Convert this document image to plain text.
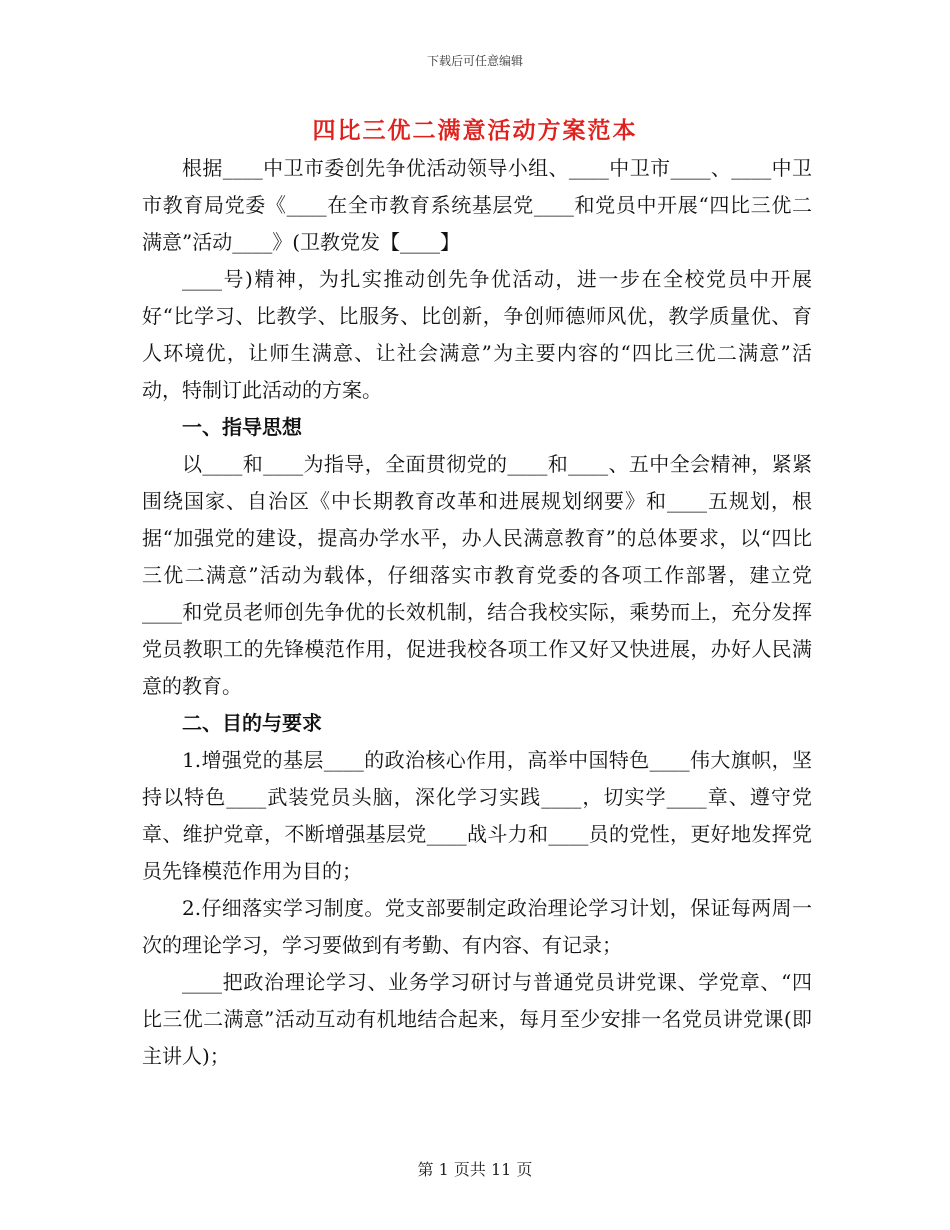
下载后可任意编辑
四比三优二满意活动方案范本

根据____中卫市委创先争优活动领导小组、____中卫市____、____中卫市教育局党委《____在全市教育系统基层党____和党员中开展“四比三优二满意”活动____》(卫教党发【____】

____号)精神，为扎实推动创先争优活动，进一步在全校党员中开展好“比学习、比教学、比服务、比创新，争创师德师风优，教学质量优、育人环境优，让师生满意、让社会满意”为主要内容的“四比三优二满意”活动，特制订此活动的方案。

一、指导思想

以____和____为指导，全面贯彻党的____和____、五中全会精神，紧紧围绕国家、自治区《中长期教育改革和进展规划纲要》和____五规划，根据“加强党的建设，提高办学水平，办人民满意教育”的总体要求，以“四比三优二满意”活动为载体，仔细落实市教育党委的各项工作部署，建立党____和党员老师创先争优的长效机制，结合我校实际，乘势而上，充分发挥党员教职工的先锋模范作用，促进我校各项工作又好又快进展，办好人民满意的教育。

二、目的与要求

1.增强党的基层____的政治核心作用，高举中国特色____伟大旗帜，坚持以特色____武装党员头脑，深化学习实践____，切实学____章、遵守党章、维护党章，不断增强基层党____战斗力和____员的党性，更好地发挥党员先锋模范作用为目的；

2.仔细落实学习制度。党支部要制定政治理论学习计划，保证每两周一次的理论学习，学习要做到有考勤、有内容、有记录；

____把政治理论学习、业务学习研讨与普通党员讲党课、学党章、“四比三优二满意”活动互动有机地结合起来，每月至少安排一名党员讲党课(即主讲人)；

第 1 页共 11 页
